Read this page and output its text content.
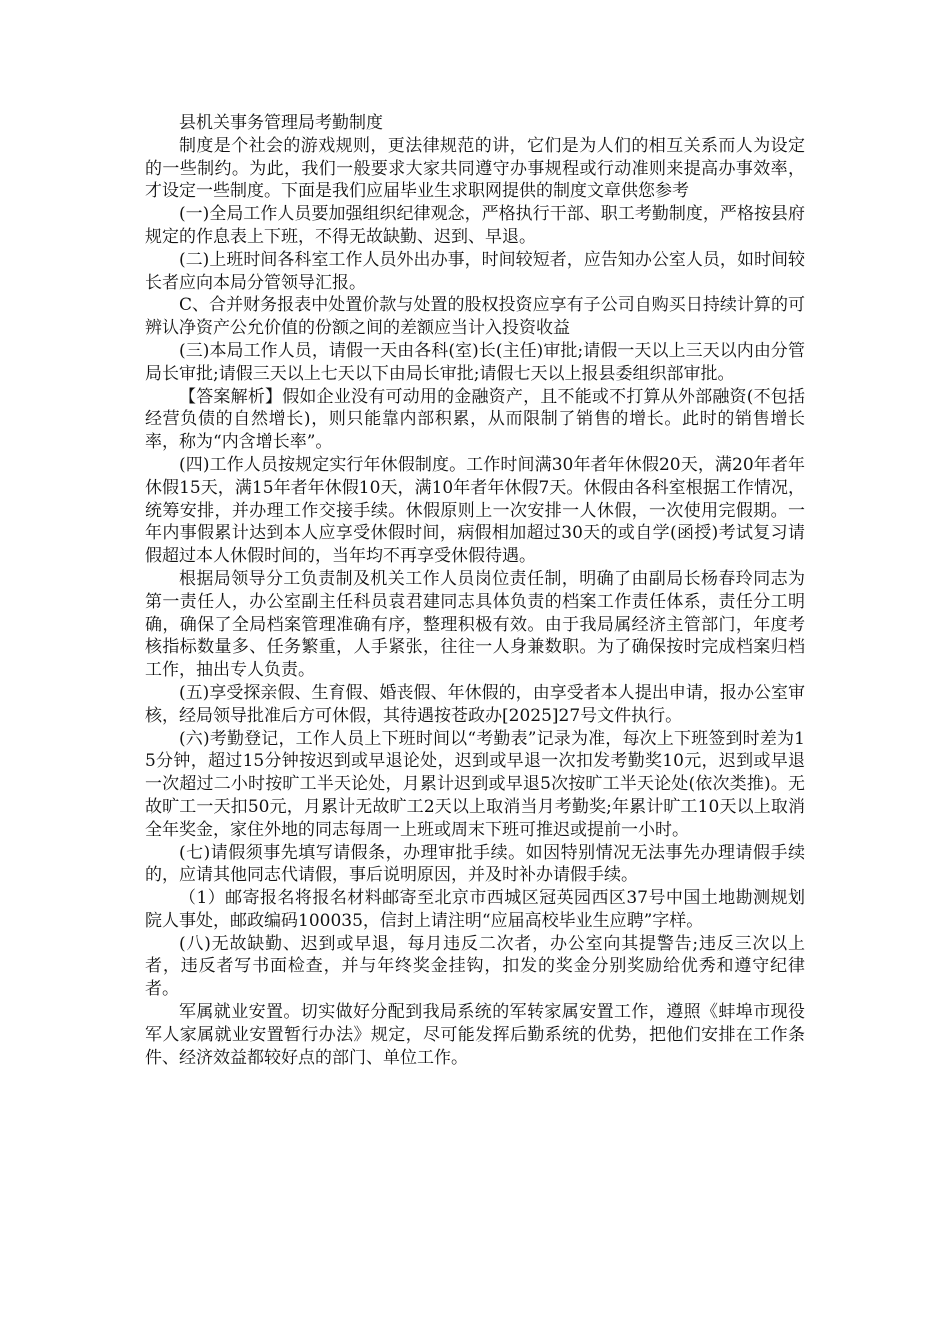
县机关事务管理局考勤制度

制度是个社会的游戏规则，更法律规范的讲，它们是为人们的相互关系而人为设定的一些制约。为此，我们一般要求大家共同遵守办事规程或行动准则来提高办事效率，才设定一些制度。下面是我们应届毕业生求职网提供的制度文章供您参考

(一)全局工作人员要加强组织纪律观念，严格执行干部、职工考勤制度，严格按县府规定的作息表上下班，不得无故缺勤、迟到、早退。

(二)上班时间各科室工作人员外出办事，时间较短者，应告知办公室人员，如时间较长者应向本局分管领导汇报。

C、合并财务报表中处置价款与处置的股权投资应享有子公司自购买日持续计算的可辨认净资产公允价值的份额之间的差额应当计入投资收益

(三)本局工作人员，请假一天由各科(室)长(主任)审批;请假一天以上三天以内由分管局长审批;请假三天以上七天以下由局长审批;请假七天以上报县委组织部审批。

【答案解析】假如企业没有可动用的金融资产，且不能或不打算从外部融资(不包括经营负债的自然增长)，则只能靠内部积累，从而限制了销售的增长。此时的销售增长率，称为“内含增长率”。

(四)工作人员按规定实行年休假制度。工作时间满30年者年休假20天，满20年者年休假15天，满15年者年休假10天，满10年者年休假7天。休假由各科室根据工作情况，统筹安排，并办理工作交接手续。休假原则上一次安排一人休假，一次使用完假期。一年内事假累计达到本人应享受休假时间，病假相加超过30天的或自学(函授)考试复习请假超过本人休假时间的，当年均不再享受休假待遇。

根据局领导分工负责制及机关工作人员岗位责任制，明确了由副局长杨春玲同志为第一责任人，办公室副主任科员袁君建同志具体负责的档案工作责任体系，责任分工明确，确保了全局档案管理准确有序，整理积极有效。由于我局属经济主管部门，年度考核指标数量多、任务繁重，人手紧张，往往一人身兼数职。为了确保按时完成档案归档工作，抽出专人负责。

(五)享受探亲假、生育假、婚丧假、年休假的，由享受者本人提出申请，报办公室审核，经局领导批准后方可休假，其待遇按苍政办[2025]27号文件执行。

(六)考勤登记，工作人员上下班时间以“考勤表”记录为准，每次上下班签到时差为15分钟，超过15分钟按迟到或早退论处，迟到或早退一次扣发考勤奖10元，迟到或早退一次超过二小时按旷工半天论处，月累计迟到或早退5次按旷工半天论处(依次类推)。无故旷工一天扣50元，月累计无故旷工2天以上取消当月考勤奖;年累计旷工10天以上取消全年奖金，家住外地的同志每周一上班或周末下班可推迟或提前一小时。

(七)请假须事先填写请假条，办理审批手续。如因特别情况无法事先办理请假手续的，应请其他同志代请假，事后说明原因，并及时补办请假手续。

（1）邮寄报名将报名材料邮寄至北京市西城区冠英园西区37号中国土地勘测规划院人事处，邮政编码100035，信封上请注明“应届高校毕业生应聘”字样。

(八)无故缺勤、迟到或早退，每月违反二次者，办公室向其提警告;违反三次以上者，违反者写书面检查，并与年终奖金挂钩，扣发的奖金分别奖励给优秀和遵守纪律者。

军属就业安置。切实做好分配到我局系统的军转家属安置工作，遵照《蚌埠市现役军人家属就业安置暂行办法》规定，尽可能发挥后勤系统的优势，把他们安排在工作条件、经济效益都较好点的部门、单位工作。
